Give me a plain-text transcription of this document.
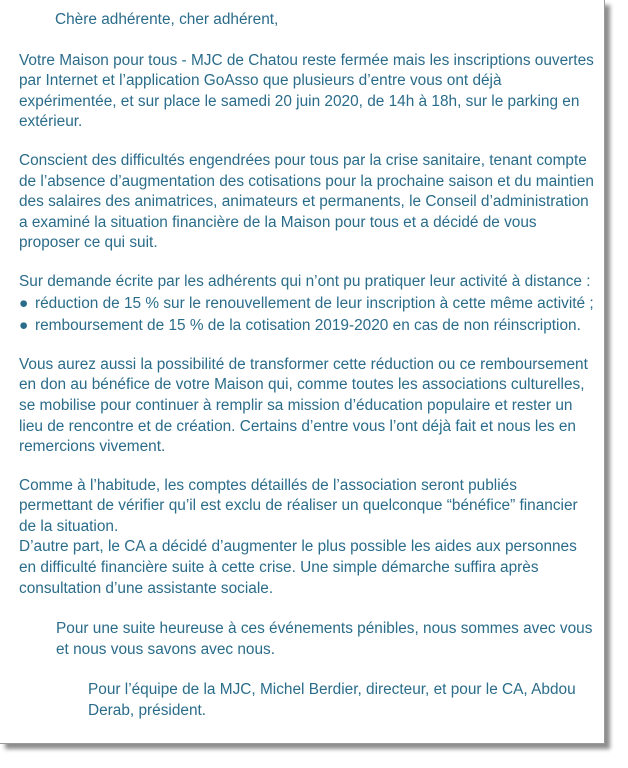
Chère adhérente, cher adhérent,

Votre Maison pour tous - MJC de Chatou reste fermée mais les inscriptions ouvertes par Internet et l’application GoAsso que plusieurs d’entre vous ont déjà expérimentée, et sur place le samedi 20 juin 2020, de 14h à 18h, sur le parking en extérieur.

Conscient des difficultés engendrées pour tous par la crise sanitaire, tenant compte de l’absence d’augmentation des cotisations pour la prochaine saison et du maintien des salaires des animatrices, animateurs et permanents, le Conseil d’administration a examiné la situation financière de la Maison pour tous et a décidé de vous proposer ce qui suit.

Sur demande écrite par les adhérents qui n’ont pu pratiquer leur activité à distance :

● réduction de 15 % sur le renouvellement de leur inscription à cette même activité ;
● remboursement de 15 % de la cotisation 2019-2020 en cas de non réinscription.

Vous aurez aussi la possibilité de transformer cette réduction ou ce remboursement en don au bénéfice de votre Maison qui, comme toutes les associations culturelles, se mobilise pour continuer à remplir sa mission d’éducation populaire et rester un lieu de rencontre et de création. Certains d’entre vous l’ont déjà fait et nous les en remercions vivement.

Comme à l’habitude, les comptes détaillés de l’association seront publiés permettant de vérifier qu’il est exclu de réaliser un quelconque “bénéfice” financier de la situation.

D’autre part, le CA a décidé d’augmenter le plus possible les aides aux personnes en difficulté financière suite à cette crise. Une simple démarche suffira après consultation d’une assistante sociale.

Pour une suite heureuse à ces événements pénibles, nous sommes avec vous et nous vous savons avec nous.

Pour l’équipe de la MJC, Michel Berdier, directeur, et pour le CA, Abdou Derab, président.
